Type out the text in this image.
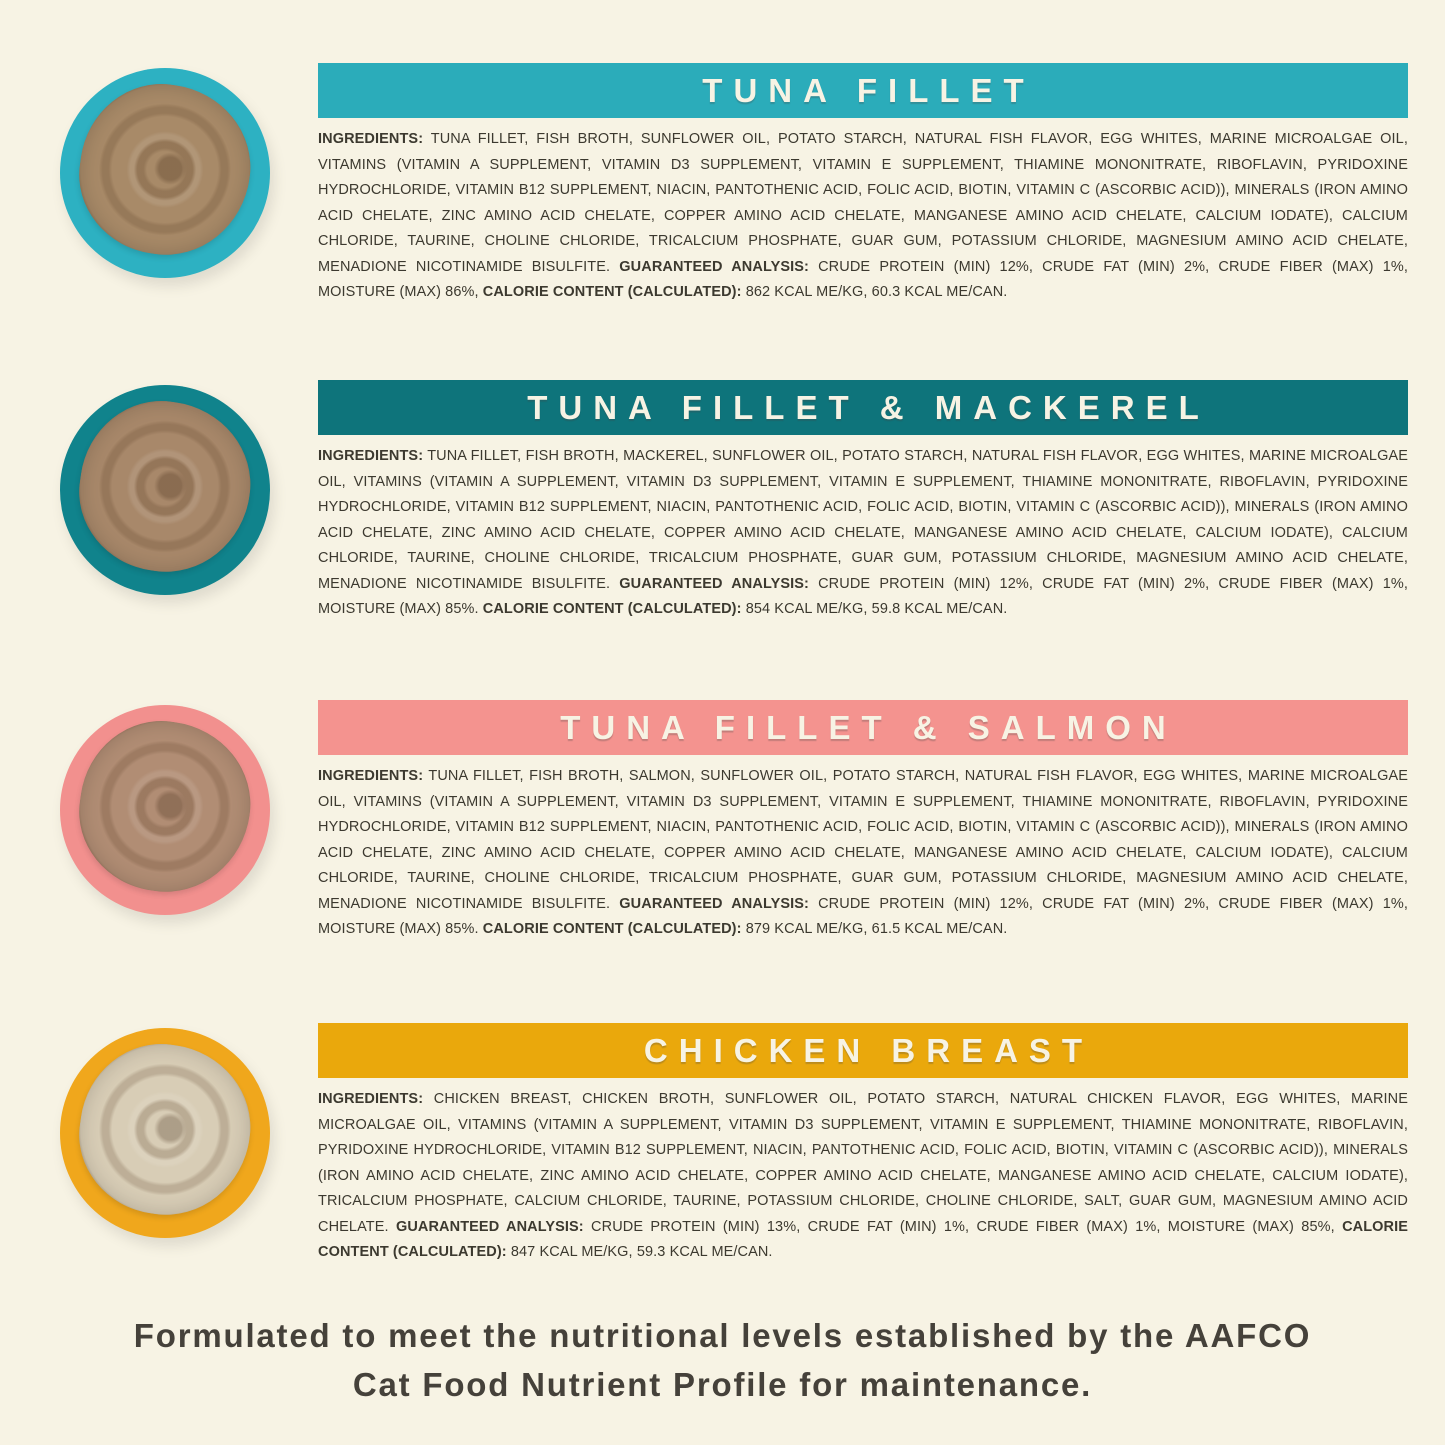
TUNA FILLET

INGREDIENTS: TUNA FILLET, FISH BROTH, SUNFLOWER OIL, POTATO STARCH, NATURAL FISH FLAVOR, EGG WHITES, MARINE MICROALGAE OIL, VITAMINS (VITAMIN A SUPPLEMENT, VITAMIN D3 SUPPLEMENT, VITAMIN E SUPPLEMENT, THIAMINE MONONITRATE, RIBOFLAVIN, PYRIDOXINE HYDROCHLORIDE, VITAMIN B12 SUPPLEMENT, NIACIN, PANTOTHENIC ACID, FOLIC ACID, BIOTIN, VITAMIN C (ASCORBIC ACID)), MINERALS (IRON AMINO ACID CHELATE, ZINC AMINO ACID CHELATE, COPPER AMINO ACID CHELATE, MANGANESE AMINO ACID CHELATE, CALCIUM IODATE), CALCIUM CHLORIDE, TAURINE, CHOLINE CHLORIDE, TRICALCIUM PHOSPHATE, GUAR GUM, POTASSIUM CHLORIDE, MAGNESIUM AMINO ACID CHELATE, MENADIONE NICOTINAMIDE BISULFITE. GUARANTEED ANALYSIS: CRUDE PROTEIN (MIN) 12%, CRUDE FAT (MIN) 2%, CRUDE FIBER (MAX) 1%, MOISTURE (MAX) 86%, CALORIE CONTENT (CALCULATED): 862 KCAL ME/KG, 60.3 KCAL ME/CAN.

TUNA FILLET & MACKEREL

INGREDIENTS: TUNA FILLET, FISH BROTH, MACKEREL, SUNFLOWER OIL, POTATO STARCH, NATURAL FISH FLAVOR, EGG WHITES, MARINE MICROALGAE OIL, VITAMINS (VITAMIN A SUPPLEMENT, VITAMIN D3 SUPPLEMENT, VITAMIN E SUPPLEMENT, THIAMINE MONONITRATE, RIBOFLAVIN, PYRIDOXINE HYDROCHLORIDE, VITAMIN B12 SUPPLEMENT, NIACIN, PANTOTHENIC ACID, FOLIC ACID, BIOTIN, VITAMIN C (ASCORBIC ACID)), MINERALS (IRON AMINO ACID CHELATE, ZINC AMINO ACID CHELATE, COPPER AMINO ACID CHELATE, MANGANESE AMINO ACID CHELATE, CALCIUM IODATE), CALCIUM CHLORIDE, TAURINE, CHOLINE CHLORIDE, TRICALCIUM PHOSPHATE, GUAR GUM, POTASSIUM CHLORIDE, MAGNESIUM AMINO ACID CHELATE, MENADIONE NICOTINAMIDE BISULFITE. GUARANTEED ANALYSIS: CRUDE PROTEIN (MIN) 12%, CRUDE FAT (MIN) 2%, CRUDE FIBER (MAX) 1%, MOISTURE (MAX) 85%. CALORIE CONTENT (CALCULATED): 854 KCAL ME/KG, 59.8 KCAL ME/CAN.

TUNA FILLET & SALMON

INGREDIENTS: TUNA FILLET, FISH BROTH, SALMON, SUNFLOWER OIL, POTATO STARCH, NATURAL FISH FLAVOR, EGG WHITES, MARINE MICROALGAE OIL, VITAMINS (VITAMIN A SUPPLEMENT, VITAMIN D3 SUPPLEMENT, VITAMIN E SUPPLEMENT, THIAMINE MONONITRATE, RIBOFLAVIN, PYRIDOXINE HYDROCHLORIDE, VITAMIN B12 SUPPLEMENT, NIACIN, PANTOTHENIC ACID, FOLIC ACID, BIOTIN, VITAMIN C (ASCORBIC ACID)), MINERALS (IRON AMINO ACID CHELATE, ZINC AMINO ACID CHELATE, COPPER AMINO ACID CHELATE, MANGANESE AMINO ACID CHELATE, CALCIUM IODATE), CALCIUM CHLORIDE, TAURINE, CHOLINE CHLORIDE, TRICALCIUM PHOSPHATE, GUAR GUM, POTASSIUM CHLORIDE, MAGNESIUM AMINO ACID CHELATE, MENADIONE NICOTINAMIDE BISULFITE. GUARANTEED ANALYSIS: CRUDE PROTEIN (MIN) 12%, CRUDE FAT (MIN) 2%, CRUDE FIBER (MAX) 1%, MOISTURE (MAX) 85%. CALORIE CONTENT (CALCULATED): 879 KCAL ME/KG, 61.5 KCAL ME/CAN.

CHICKEN BREAST

INGREDIENTS: CHICKEN BREAST, CHICKEN BROTH, SUNFLOWER OIL, POTATO STARCH, NATURAL CHICKEN FLAVOR, EGG WHITES, MARINE MICROALGAE OIL, VITAMINS (VITAMIN A SUPPLEMENT, VITAMIN D3 SUPPLEMENT, VITAMIN E SUPPLEMENT, THIAMINE MONONITRATE, RIBOFLAVIN, PYRIDOXINE HYDROCHLORIDE, VITAMIN B12 SUPPLEMENT, NIACIN, PANTOTHENIC ACID, FOLIC ACID, BIOTIN, VITAMIN C (ASCORBIC ACID)), MINERALS (IRON AMINO ACID CHELATE, ZINC AMINO ACID CHELATE, COPPER AMINO ACID CHELATE, MANGANESE AMINO ACID CHELATE, CALCIUM IODATE), TRICALCIUM PHOSPHATE, CALCIUM CHLORIDE, TAURINE, POTASSIUM CHLORIDE, CHOLINE CHLORIDE, SALT, GUAR GUM, MAGNESIUM AMINO ACID CHELATE. GUARANTEED ANALYSIS: CRUDE PROTEIN (MIN) 13%, CRUDE FAT (MIN) 1%, CRUDE FIBER (MAX) 1%, MOISTURE (MAX) 85%, CALORIE CONTENT (CALCULATED): 847 KCAL ME/KG, 59.3 KCAL ME/CAN.

Formulated to meet the nutritional levels established by the AAFCO
Cat Food Nutrient Profile for maintenance.
